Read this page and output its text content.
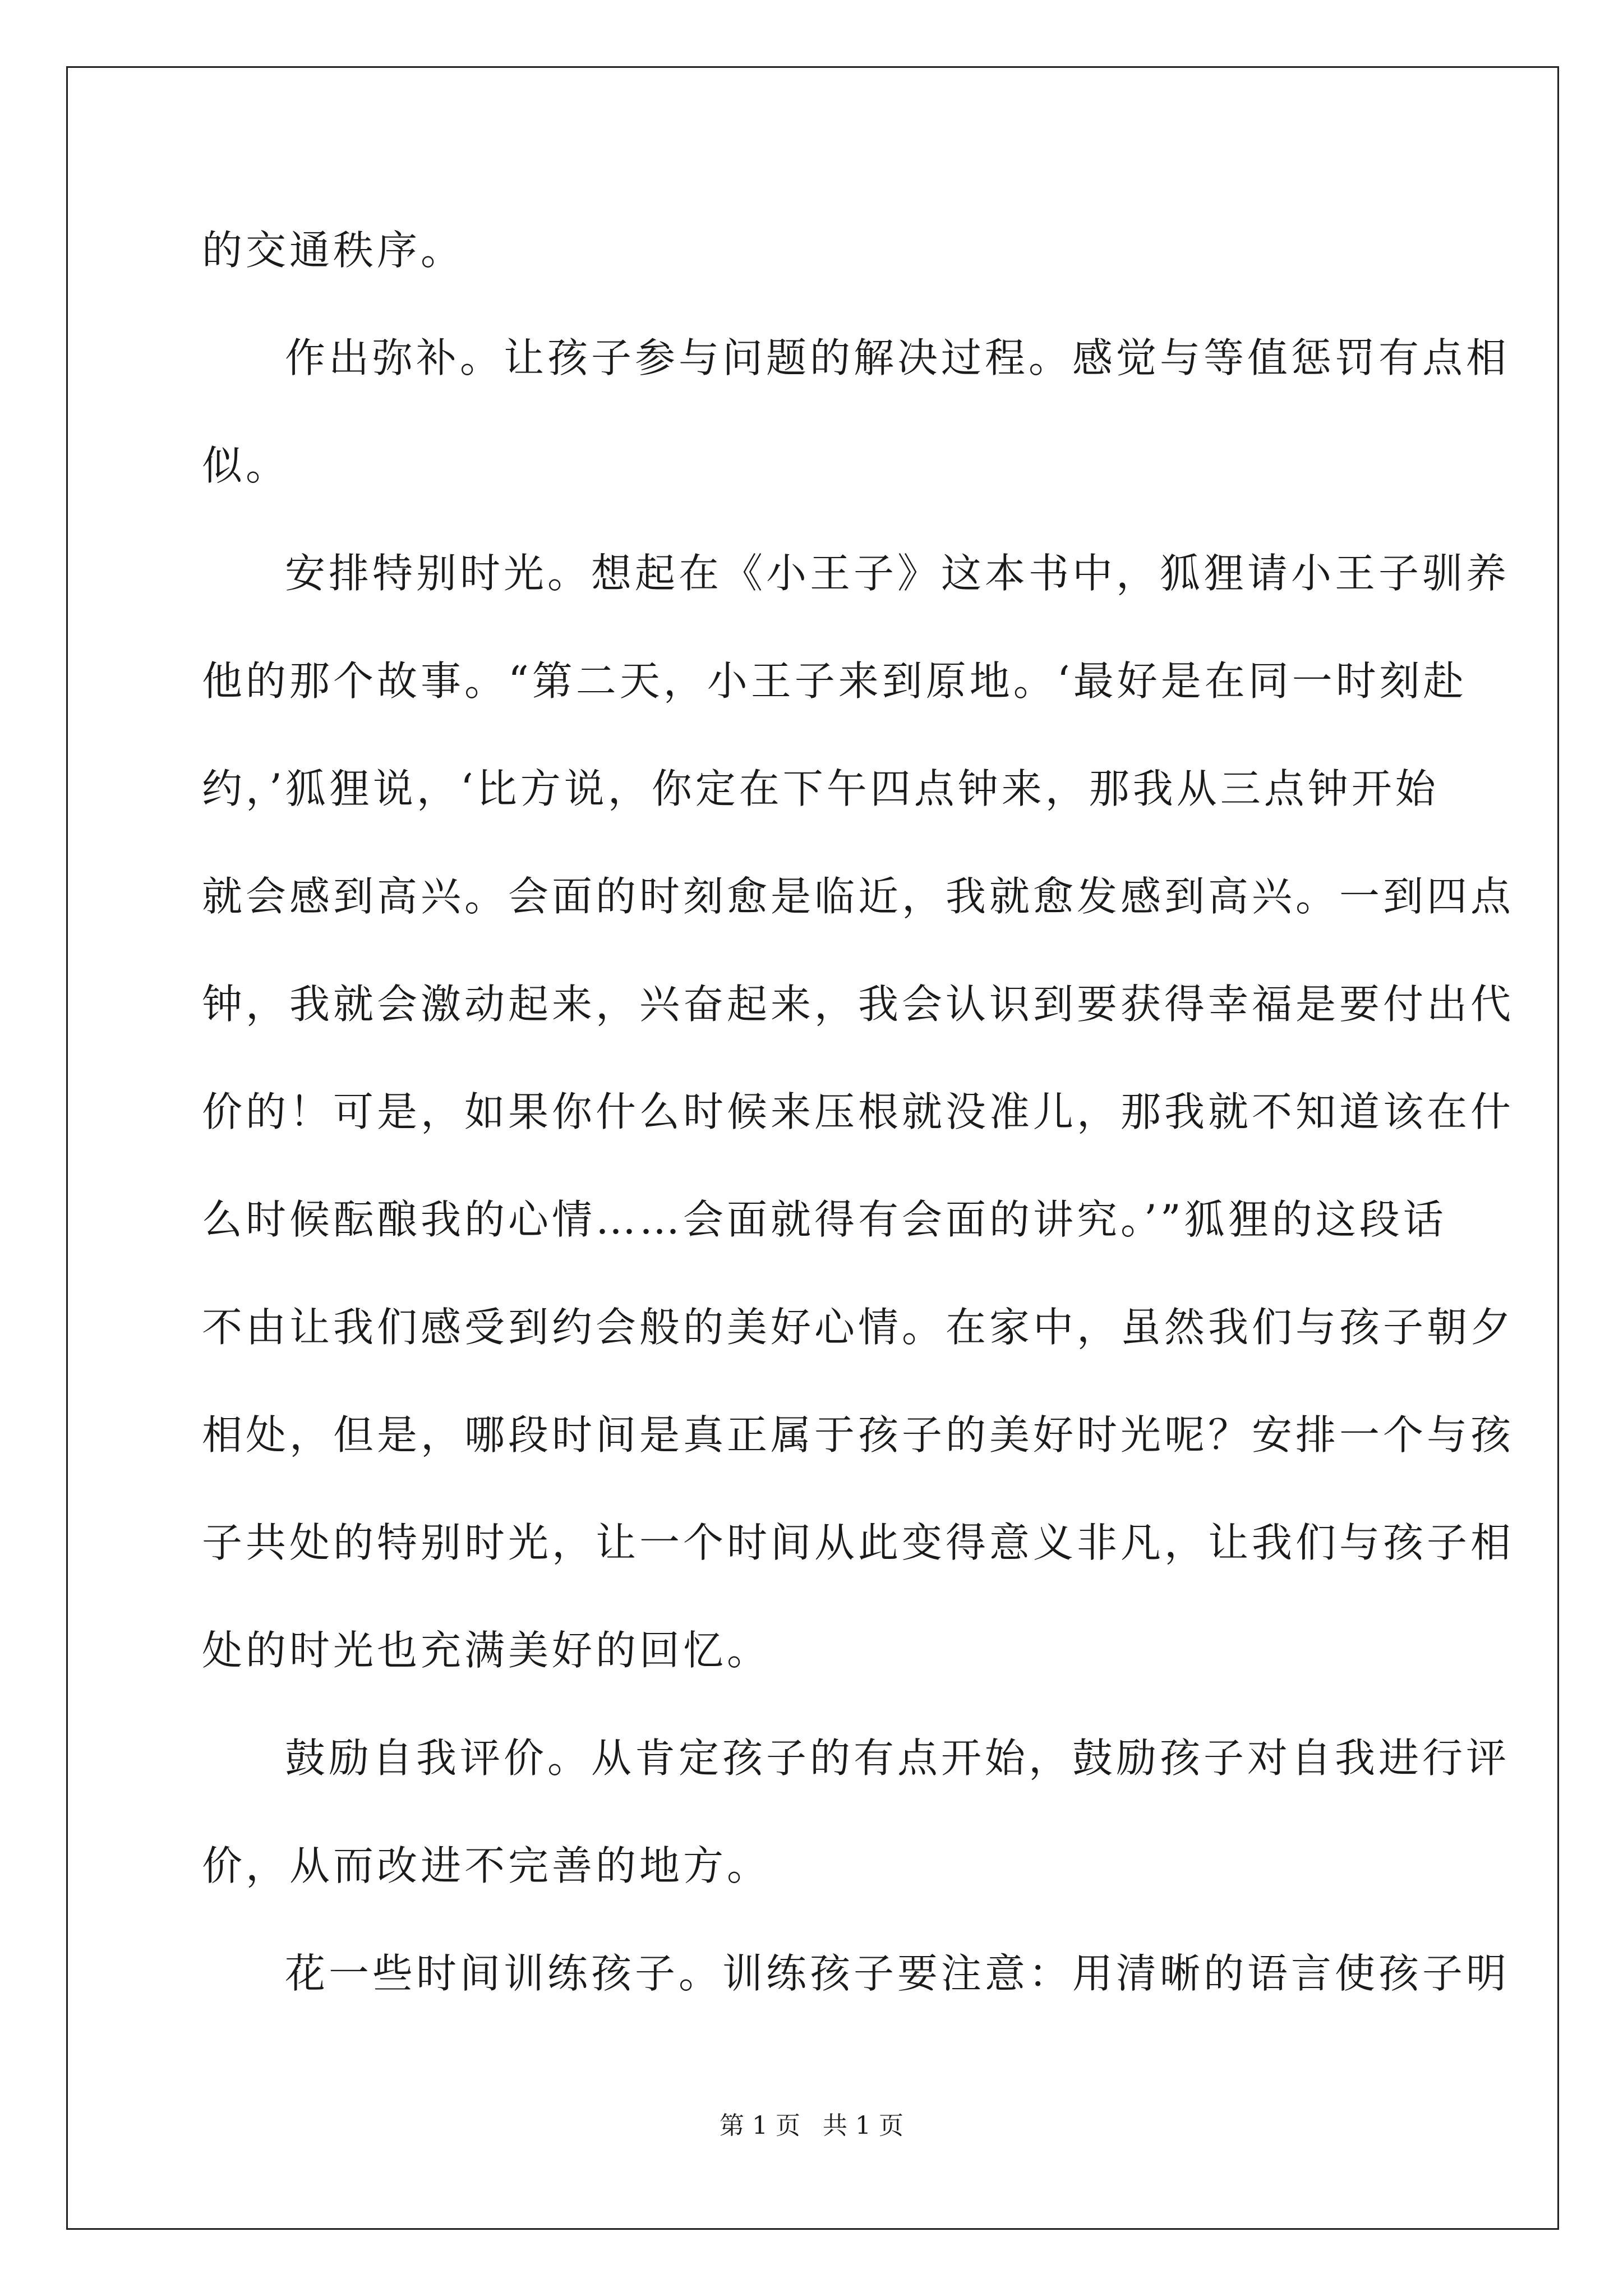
的交通秩序。

作出弥补。让孩子参与问题的解决过程。感觉与等值惩罚有点相
似。

安排特别时光。想起在《小王子》这本书中，狐狸请小王子驯养
他的那个故事。“第二天，小王子来到原地。‘最好是在同一时刻赴
约，’狐狸说，‘比方说，你定在下午四点钟来，那我从三点钟开始
就会感到高兴。会面的时刻愈是临近，我就愈发感到高兴。一到四点
钟，我就会激动起来，兴奋起来，我会认识到要获得幸福是要付出代
价的！可是，如果你什么时候来压根就没准儿，那我就不知道该在什
么时候酝酿我的心情……会面就得有会面的讲究。’”狐狸的这段话
不由让我们感受到约会般的美好心情。在家中，虽然我们与孩子朝夕
相处，但是，哪段时间是真正属于孩子的美好时光呢？安排一个与孩
子共处的特别时光，让一个时间从此变得意义非凡，让我们与孩子相
处的时光也充满美好的回忆。

鼓励自我评价。从肯定孩子的有点开始，鼓励孩子对自我进行评
价，从而改进不完善的地方。

花一些时间训练孩子。训练孩子要注意：用清晰的语言使孩子明

第 1 页 共 1 页
